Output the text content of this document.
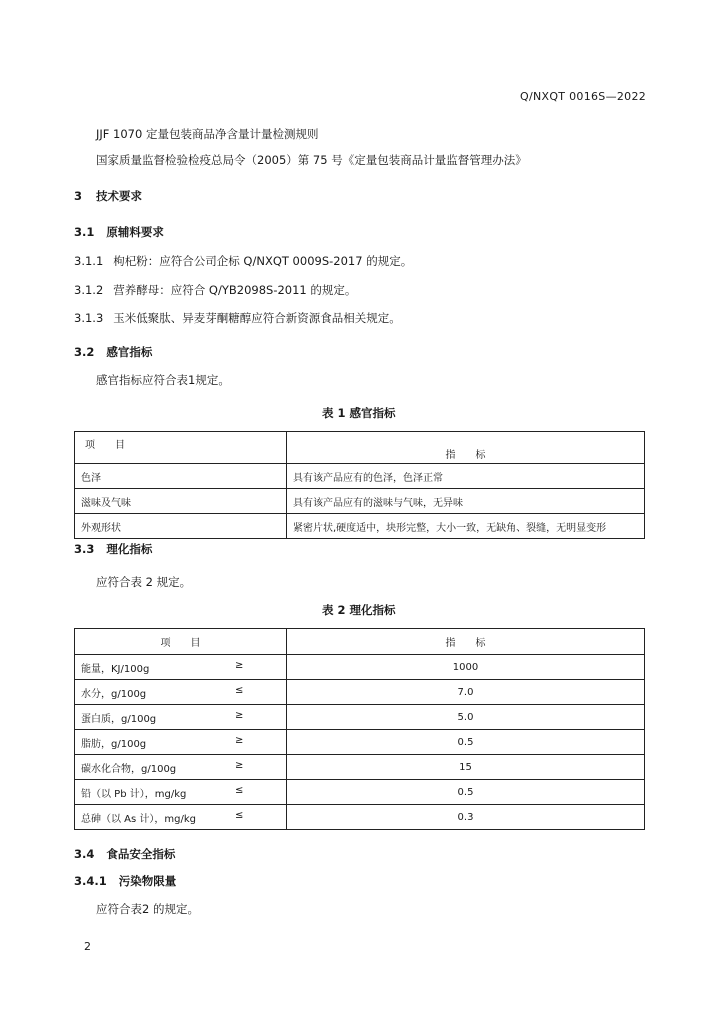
Q/NXQT 0016S—2022
JJF 1070 定量包装商品净含量计量检测规则
国家质量监督检验检疫总局令（2005）第 75 号《定量包装商品计量监督管理办法》
3 技术要求
3.1 原辅料要求
3.1.1 枸杞粉：应符合公司企标 Q/NXQT 0009S-2017 的规定。
3.1.2 营养酵母：应符合 Q/YB2098S-2011 的规定。
3.1.3 玉米低聚肽、异麦芽酮糖醇应符合新资源食品相关规定。
3.2 感官指标
感官指标应符合表1规定。
表 1 感官指标
项　　目	指　　标
色泽	具有该产品应有的色泽，色泽正常
滋味及气味	具有该产品应有的滋味与气味，无异味
外观形状	紧密片状,硬度适中，块形完整，大小一致，无缺角、裂缝，无明显变形
3.3 理化指标
应符合表 2 规定。
表 2 理化指标
项　　目	指　　标
能量，KJ/100g ≥	1000
水分，g/100g ≤	7.0
蛋白质，g/100g ≥	5.0
脂肪，g/100g ≥	0.5
碳水化合物，g/100g ≥	15
铅（以 Pb 计），mg/kg ≤	0.5
总砷（以 As 计），mg/kg ≤	0.3
3.4 食品安全指标
3.4.1 污染物限量
应符合表2 的规定。
2
